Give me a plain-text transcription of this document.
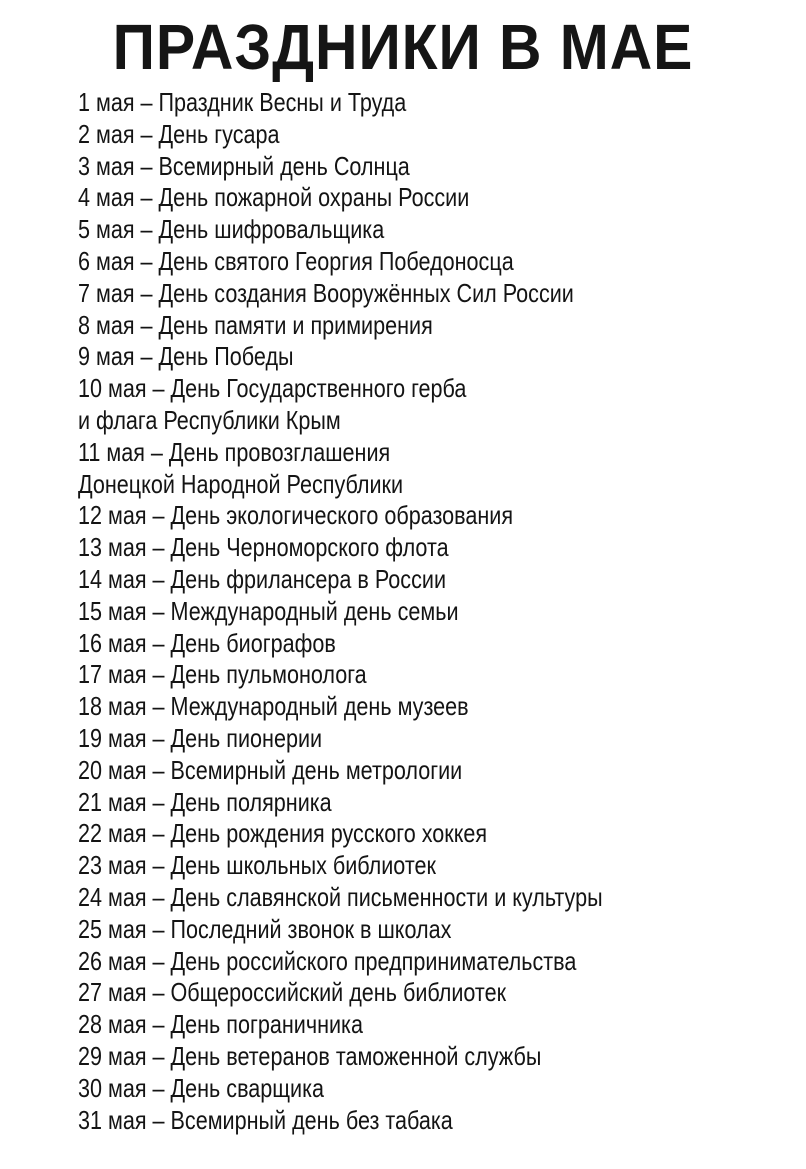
ПРАЗДНИКИ В МАЕ
1 мая – Праздник Весны и Труда
2 мая – День гусара
3 мая – Всемирный день Солнца
4 мая – День пожарной охраны России
5 мая – День шифровальщика
6 мая – День святого Георгия Победоносца
7 мая – День создания Вооружённых Сил России
8 мая – День памяти и примирения
9 мая – День Победы
10 мая – День Государственного герба
и флага Республики Крым
11 мая – День провозглашения
Донецкой Народной Республики
12 мая – День экологического образования
13 мая – День Черноморского флота
14 мая – День фрилансера в России
15 мая – Международный день семьи
16 мая – День биографов
17 мая – День пульмонолога
18 мая – Международный день музеев
19 мая – День пионерии
20 мая – Всемирный день метрологии
21 мая – День полярника
22 мая – День рождения русского хоккея
23 мая – День школьных библиотек
24 мая – День славянской письменности и культуры
25 мая – Последний звонок в школах
26 мая – День российского предпринимательства
27 мая – Общероссийский день библиотек
28 мая – День пограничника
29 мая – День ветеранов таможенной службы
30 мая – День сварщика
31 мая – Всемирный день без табака
